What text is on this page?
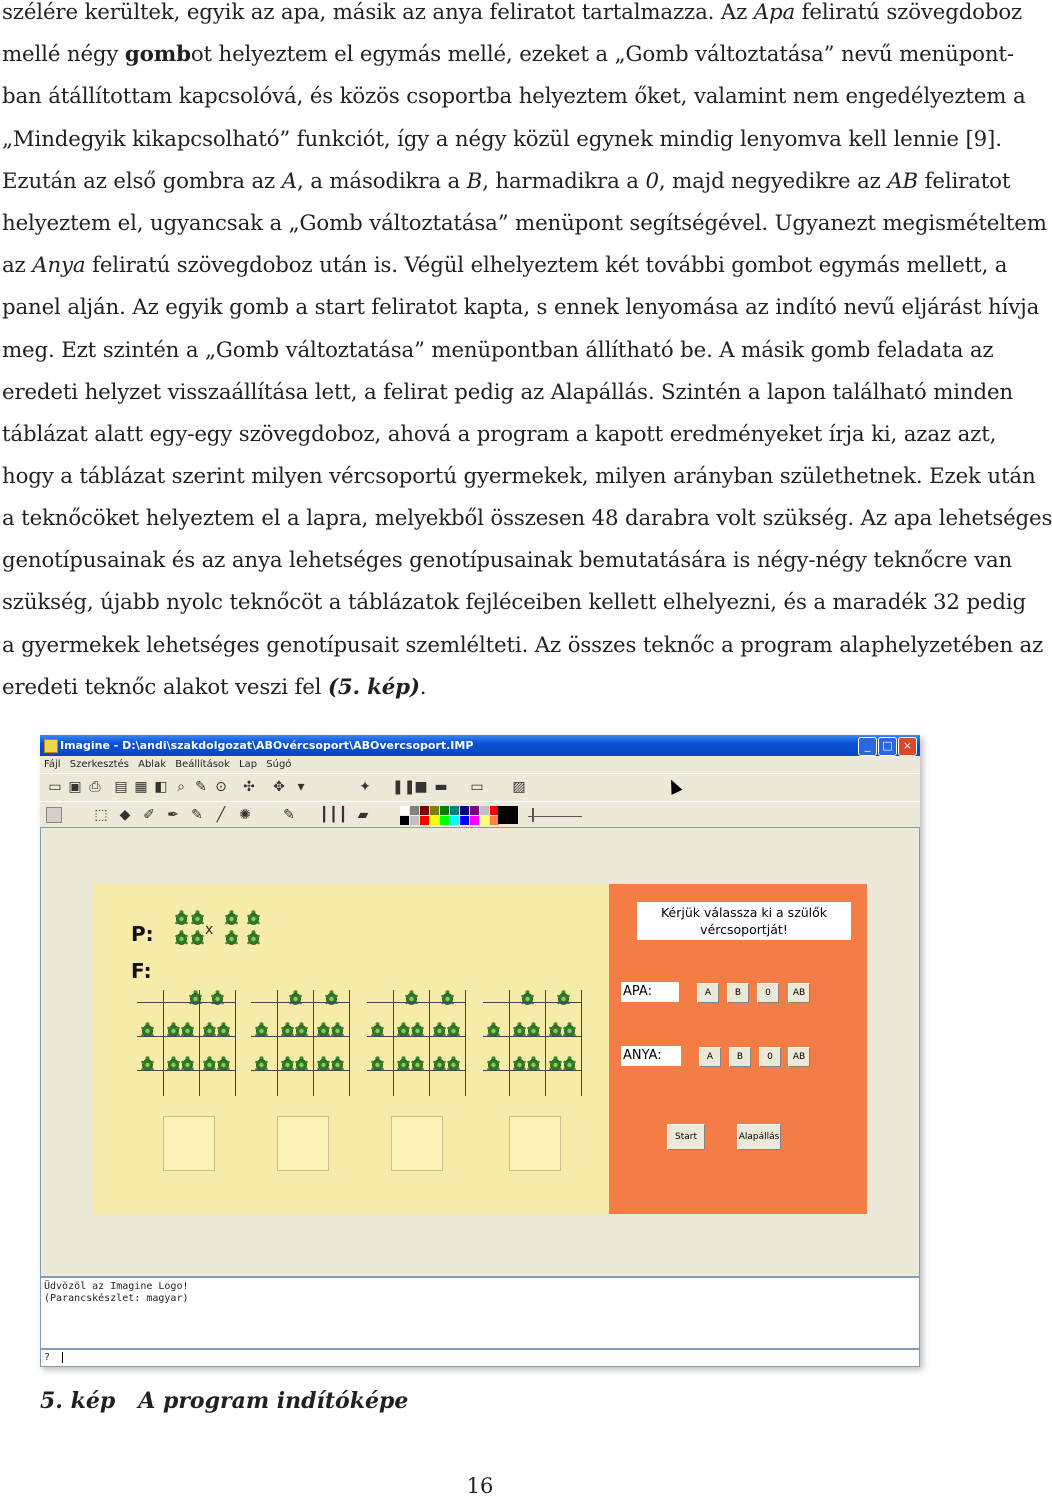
szélére kerültek, egyik az apa, másik az anya feliratot tartalmazza. Az Apa feliratú szövegdoboz
mellé négy gombot helyeztem el egymás mellé, ezeket a „Gomb változtatása” nevű menüpont-
ban átállítottam kapcsolóvá, és közös csoportba helyeztem őket, valamint nem engedélyeztem a
„Mindegyik kikapcsolható” funkciót, így a négy közül egynek mindig lenyomva kell lennie [9].
Ezután az első gombra az A, a másodikra a B, harmadikra a 0, majd negyedikre az AB feliratot
helyeztem el, ugyancsak a „Gomb változtatása” menüpont segítségével. Ugyanezt megismételtem
az Anya feliratú szövegdoboz után is. Végül elhelyeztem két további gombot egymás mellett, a
panel alján. Az egyik gomb a start feliratot kapta, s ennek lenyomása az indító nevű eljárást hívja
meg. Ezt szintén a „Gomb változtatása” menüpontban állítható be. A másik gomb feladata az
eredeti helyzet visszaállítása lett, a felirat pedig az Alapállás. Szintén a lapon található minden
táblázat alatt egy-egy szövegdoboz, ahová a program a kapott eredményeket írja ki, azaz azt,
hogy a táblázat szerint milyen vércsoportú gyermekek, milyen arányban születhetnek. Ezek után
a teknőcöket helyeztem el a lapra, melyekből összesen 48 darabra volt szükség. Az apa lehetséges
genotípusainak és az anya lehetséges genotípusainak bemutatására is négy-négy teknőcre van
szükség, újabb nyolc teknőcöt a táblázatok fejléceiben kellett elhelyezni, és a maradék 32 pedig
a gyermekek lehetséges genotípusait szemlélteti. Az összes teknőc a program alaphelyzetében az
eredeti teknőc alakot veszi fel (5. kép).
Imagine - D:\andi\szakdolgozat\ABOvércsoport\ABOvercsoport.IMP	_	□ ×
Fájl Szerkesztés Ablak Beállítások Lap Súgó
▭ ▣ ⎙ ▤ ▦ ◧ ⌕ ✎ ⊙ ✣ ✥ ▾	✦ ❚❚
■ ▬ ▭ ▨
⬚ ◆ ✐ ✒ ✎ ╱ ✺ ✎ ┃┃┃ ▰
P:
F:
x
Kérjük válassza ki a szülők vércsoportját!
APA:	A	B	0	AB
ANYA:	A	B	0	AB
Start	Alapállás
Üdvözöl az Imagine Logo!
(Parancskészlet: magyar)
?
5. kép   A program indítóképe
16
